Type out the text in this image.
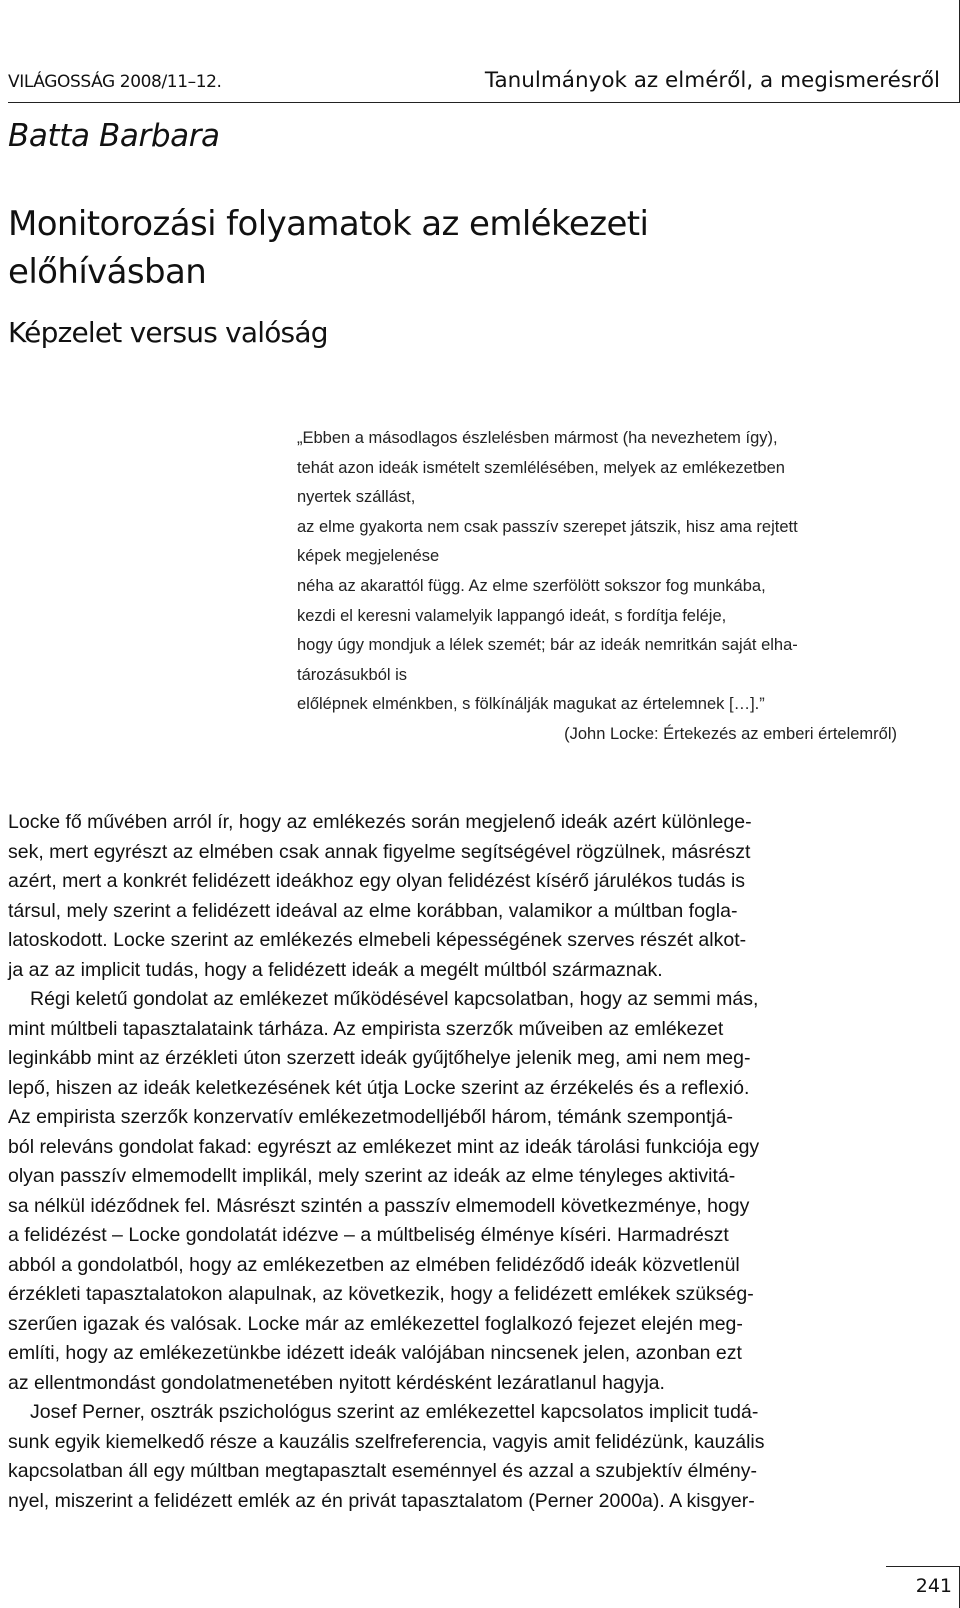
VILÁGOSSÁG 2008/11–12.	Tanulmányok az elméről, a megismerésről
Batta Barbara
Monitorozási folyamatok az emlékezeti előhívásban
Képzelet versus valóság
„Ebben a másodlagos észlelésben mármost (ha nevezhetem így),
tehát azon ideák ismételt szemlélésében, melyek az emlékezetben
nyertek szállást,
az elme gyakorta nem csak passzív szerepet játszik, hisz ama rejtett
képek megjelenése
néha az akarattól függ. Az elme szerfölött sokszor fog munkába,
kezdi el keresni valamelyik lappangó ideát, s fordítja feléje,
hogy úgy mondjuk a lélek szemét; bár az ideák nemritkán saját elha-
tározásukból is
előlépnek elménkben, s fölkínálják magukat az értelemnek […].”
(John Locke: Értekezés az emberi értelemről)
Locke fő művében arról ír, hogy az emlékezés során megjelenő ideák azért különlege-
sek, mert egyrészt az elmében csak annak figyelme segítségével rögzülnek, másrészt
azért, mert a konkrét felidézett ideákhoz egy olyan felidézést kísérő járulékos tudás is
társul, mely szerint a felidézett ideával az elme korábban, valamikor a múltban fogla-
latoskodott. Locke szerint az emlékezés elmebeli képességének szerves részét alkot-
ja az az implicit tudás, hogy a felidézett ideák a megélt múltból származnak.
Régi keletű gondolat az emlékezet működésével kapcsolatban, hogy az semmi más,
mint múltbeli tapasztalataink tárháza. Az empirista szerzők műveiben az emlékezet
leginkább mint az érzékleti úton szerzett ideák gyűjtőhelye jelenik meg, ami nem meg-
lepő, hiszen az ideák keletkezésének két útja Locke szerint az érzékelés és a reflexió.
Az empirista szerzők konzervatív emlékezetmodelljéből három, témánk szempontjá-
ból releváns gondolat fakad: egyrészt az emlékezet mint az ideák tárolási funkciója egy
olyan passzív elmemodellt implikál, mely szerint az ideák az elme tényleges aktivitá-
sa nélkül idéződnek fel. Másrészt szintén a passzív elmemodell következménye, hogy
a felidézést – Locke gondolatát idézve – a múltbeliség élménye kíséri. Harmadrészt
abból a gondolatból, hogy az emlékezetben az elmében felidéződő ideák közvetlenül
érzékleti tapasztalatokon alapulnak, az következik, hogy a felidézett emlékek szükség-
szerűen igazak és valósak. Locke már az emlékezettel foglalkozó fejezet elején meg-
említi, hogy az emlékezetünkbe idézett ideák valójában nincsenek jelen, azonban ezt
az ellentmondást gondolatmenetében nyitott kérdésként lezáratlanul hagyja.
Josef Perner, osztrák pszichológus szerint az emlékezettel kapcsolatos implicit tudá-
sunk egyik kiemelkedő része a kauzális szelfreferencia, vagyis amit felidézünk, kauzális
kapcsolatban áll egy múltban megtapasztalt eseménnyel és azzal a szubjektív élmény-
nyel, miszerint a felidézett emlék az én privát tapasztalatom (Perner 2000a). A kisgyer-
241
